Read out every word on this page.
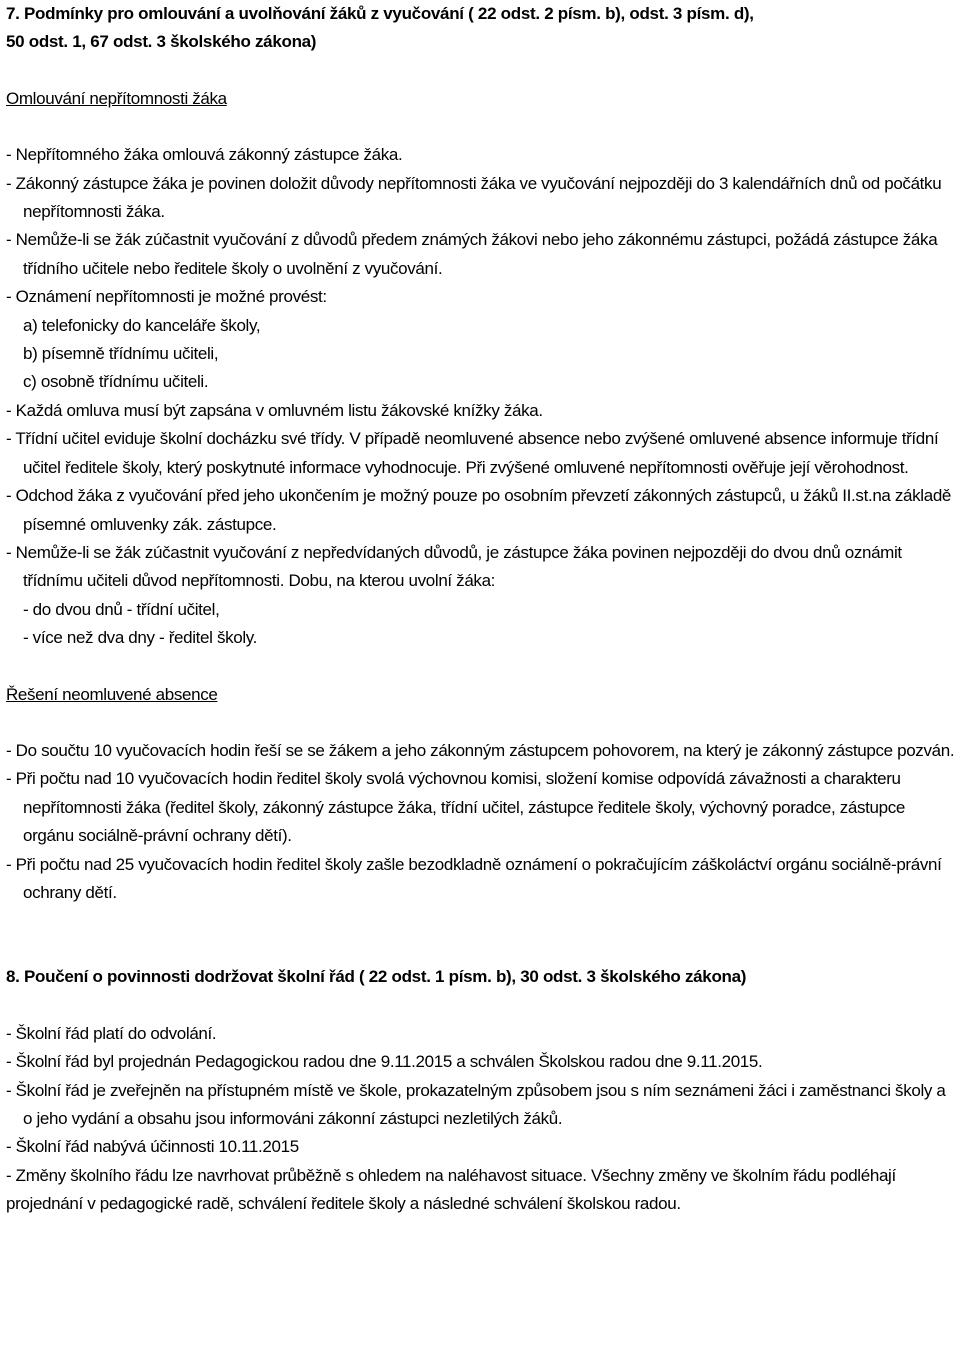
7. Podmínky pro omlouvání a uvolňování žáků z vyučování ( 22 odst. 2 písm. b), odst. 3 písm. d),
50 odst. 1, 67 odst. 3 školského zákona)
Omlouvání nepřítomnosti žáka
- Nepřítomného žáka omlouvá zákonný zástupce žáka.
- Zákonný zástupce žáka je povinen doložit důvody nepřítomnosti žáka ve vyučování nejpozději do 3 kalendářních dnů od počátku nepřítomnosti žáka.
- Nemůže-li se žák zúčastnit vyučování z důvodů předem známých žákovi nebo jeho zákonnému zástupci, požádá zástupce žáka třídního učitele nebo ředitele školy o uvolnění z vyučování.
- Oznámení nepřítomnosti je možné provést:
a) telefonicky do kanceláře školy,
b) písemně třídnímu učiteli,
c) osobně třídnímu učiteli.
- Každá omluva musí být zapsána v omluvném listu žákovské knížky žáka.
- Třídní učitel eviduje školní docházku své třídy. V případě neomluvené absence nebo zvýšené omluvené absence informuje třídní učitel ředitele školy, který poskytnuté informace vyhodnocuje. Při zvýšené omluvené nepřítomnosti ověřuje její věrohodnost.
- Odchod žáka z vyučování před jeho ukončením je možný pouze po osobním převzetí zákonných zástupců, u žáků II.st.na základě písemné omluvenky zák. zástupce.
- Nemůže-li se žák zúčastnit vyučování z nepředvídaných důvodů, je zástupce žáka povinen nejpozději do dvou dnů oznámit třídnímu učiteli důvod nepřítomnosti. Dobu, na kterou uvolní žáka:
- do dvou dnů - třídní učitel,
- více než dva dny - ředitel školy.
Řešení neomluvené absence
- Do součtu 10 vyučovacích hodin řeší se se žákem a jeho zákonným zástupcem pohovorem, na který je zákonný zástupce pozván.
- Při počtu nad 10 vyučovacích hodin ředitel školy svolá výchovnou komisi, složení komise odpovídá závažnosti a charakteru nepřítomnosti žáka (ředitel školy, zákonný zástupce žáka, třídní učitel, zástupce ředitele školy, výchovný poradce, zástupce orgánu sociálně-právní ochrany dětí).
- Při počtu nad 25 vyučovacích hodin ředitel školy zašle bezodkladně oznámení o pokračujícím záškoláctví orgánu sociálně-právní ochrany dětí.
8. Poučení o povinnosti dodržovat školní řád ( 22 odst. 1 písm. b), 30 odst. 3 školského zákona)
- Školní řád platí do odvolání.
- Školní řád byl projednán Pedagogickou radou dne 9.11.2015 a schválen Školskou radou dne 9.11.2015.
- Školní řád je zveřejněn na přístupném místě ve škole, prokazatelným způsobem jsou s ním seznámeni žáci i zaměstnanci školy a o jeho vydání a obsahu jsou informováni zákonní zástupci nezletilých žáků.
- Školní řád nabývá účinnosti 10.11.2015
- Změny školního řádu lze navrhovat průběžně s ohledem na naléhavost situace. Všechny změny ve školním řádu podléhají projednání v pedagogické radě, schválení ředitele školy a následné schválení školskou radou.
